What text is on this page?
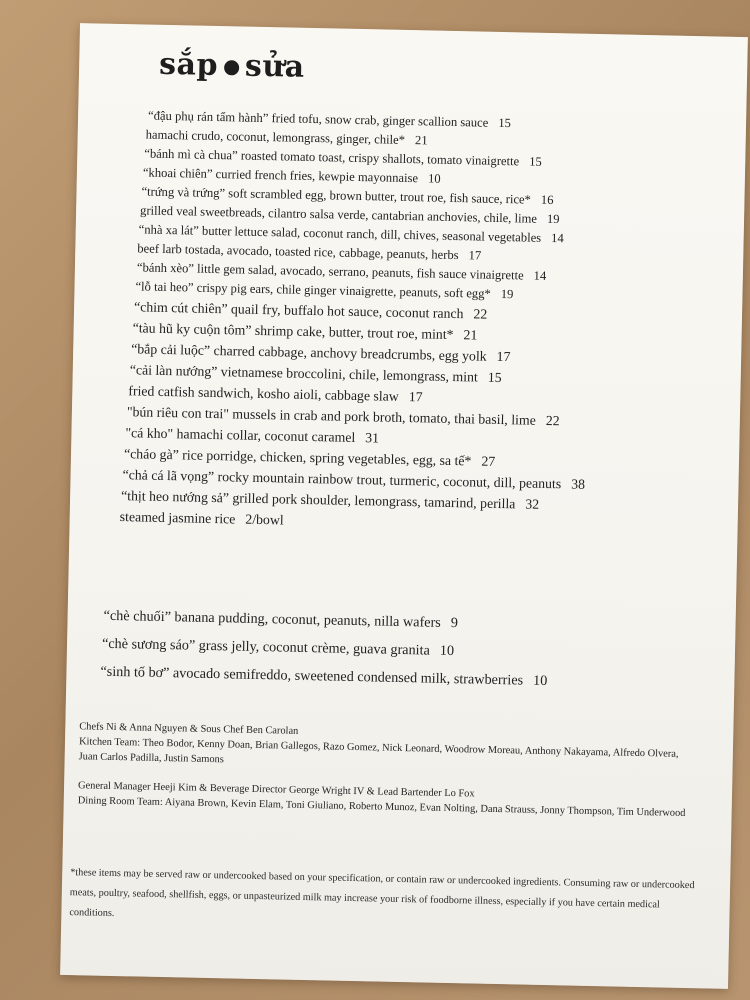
sắp sửa
“đậu phụ rán tẩm hành” fried tofu, snow crab, ginger scallion sauce 15
hamachi crudo, coconut, lemongrass, ginger, chile* 21
“bánh mì cà chua” roasted tomato toast, crispy shallots, tomato vinaigrette 15
“khoai chiên” curried french fries, kewpie mayonnaise 10
“trứng và trứng” soft scrambled egg, brown butter, trout roe, fish sauce, rice* 16
grilled veal sweetbreads, cilantro salsa verde, cantabrian anchovies, chile, lime 19
“nhà xa lát” butter lettuce salad, coconut ranch, dill, chives, seasonal vegetables 14
beef larb tostada, avocado, toasted rice, cabbage, peanuts, herbs 17
“bánh xèo” little gem salad, avocado, serrano, peanuts, fish sauce vinaigrette 14
“lỗ tai heo” crispy pig ears, chile ginger vinaigrette, peanuts, soft egg* 19
“chim cút chiên” quail fry, buffalo hot sauce, coconut ranch 22
“tàu hũ ky cuộn tôm” shrimp cake, butter, trout roe, mint* 21
“bắp cải luộc” charred cabbage, anchovy breadcrumbs, egg yolk 17
“cải làn nướng” vietnamese broccolini, chile, lemongrass, mint 15
fried catfish sandwich, kosho aioli, cabbage slaw 17
"bún riêu con trai" mussels in crab and pork broth, tomato, thai basil, lime 22
"cá kho" hamachi collar, coconut caramel 31
“cháo gà” rice porridge, chicken, spring vegetables, egg, sa tế* 27
“chả cá lã vọng” rocky mountain rainbow trout, turmeric, coconut, dill, peanuts 38
“thịt heo nướng sả” grilled pork shoulder, lemongrass, tamarind, perilla 32
steamed jasmine rice 2/bowl
“chè chuối” banana pudding, coconut, peanuts, nilla wafers 9
“chè sương sáo” grass jelly, coconut crème, guava granita 10
“sinh tố bơ” avocado semifreddo, sweetened condensed milk, strawberries 10
Chefs Ni & Anna Nguyen & Sous Chef Ben Carolan
Kitchen Team: Theo Bodor, Kenny Doan, Brian Gallegos, Razo Gomez, Nick Leonard, Woodrow Moreau, Anthony Nakayama, Alfredo Olvera, Juan Carlos Padilla, Justin Samons
General Manager Heeji Kim & Beverage Director George Wright IV & Lead Bartender Lo Fox
Dining Room Team: Aiyana Brown, Kevin Elam, Toni Giuliano, Roberto Munoz, Evan Nolting, Dana Strauss, Jonny Thompson, Tim Underwood
*these items may be served raw or undercooked based on your specification, or contain raw or undercooked ingredients. Consuming raw or undercooked meats, poultry, seafood, shellfish, eggs, or unpasteurized milk may increase your risk of foodborne illness, especially if you have certain medical conditions.
